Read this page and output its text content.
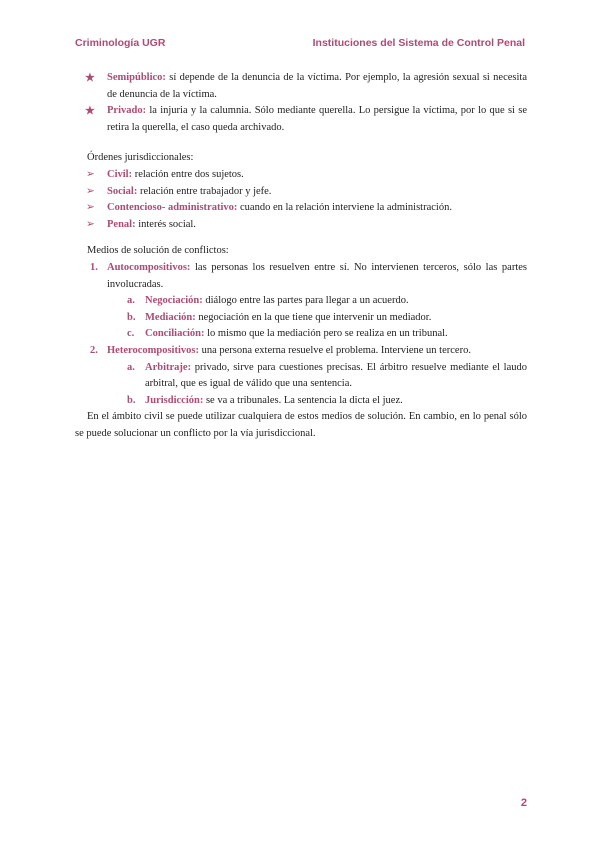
Criminología UGR	Instituciones del Sistema de Control Penal
★ Semipúblico: sí depende de la denuncia de la víctima. Por ejemplo, la agresión sexual si necesita de denuncia de la víctima.
★ Privado: la injuria y la calumnia. Sólo mediante querella. Lo persigue la víctima, por lo que si se retira la querella, el caso queda archivado.
Órdenes jurisdiccionales:
➢ Civil: relación entre dos sujetos.
➢ Social: relación entre trabajador y jefe.
➢ Contencioso- administrativo: cuando en la relación interviene la administración.
➢ Penal: interés social.
Medios de solución de conflictos:
1. Autocompositivos: las personas los resuelven entre sí. No intervienen terceros, sólo las partes involucradas.
a. Negociación: diálogo entre las partes para llegar a un acuerdo.
b. Mediación: negociación en la que tiene que intervenir un mediador.
c. Conciliación: lo mismo que la mediación pero se realiza en un tribunal.
2. Heterocompositivos: una persona externa resuelve el problema. Interviene un tercero.
a. Arbitraje: privado, sirve para cuestiones precisas. El árbitro resuelve mediante el laudo arbitral, que es igual de válido que una sentencia.
b. Jurisdicción: se va a tribunales. La sentencia la dicta el juez.
En el ámbito civil se puede utilizar cualquiera de estos medios de solución. En cambio, en lo penal sólo se puede solucionar un conflicto por la vía jurisdiccional.
2
